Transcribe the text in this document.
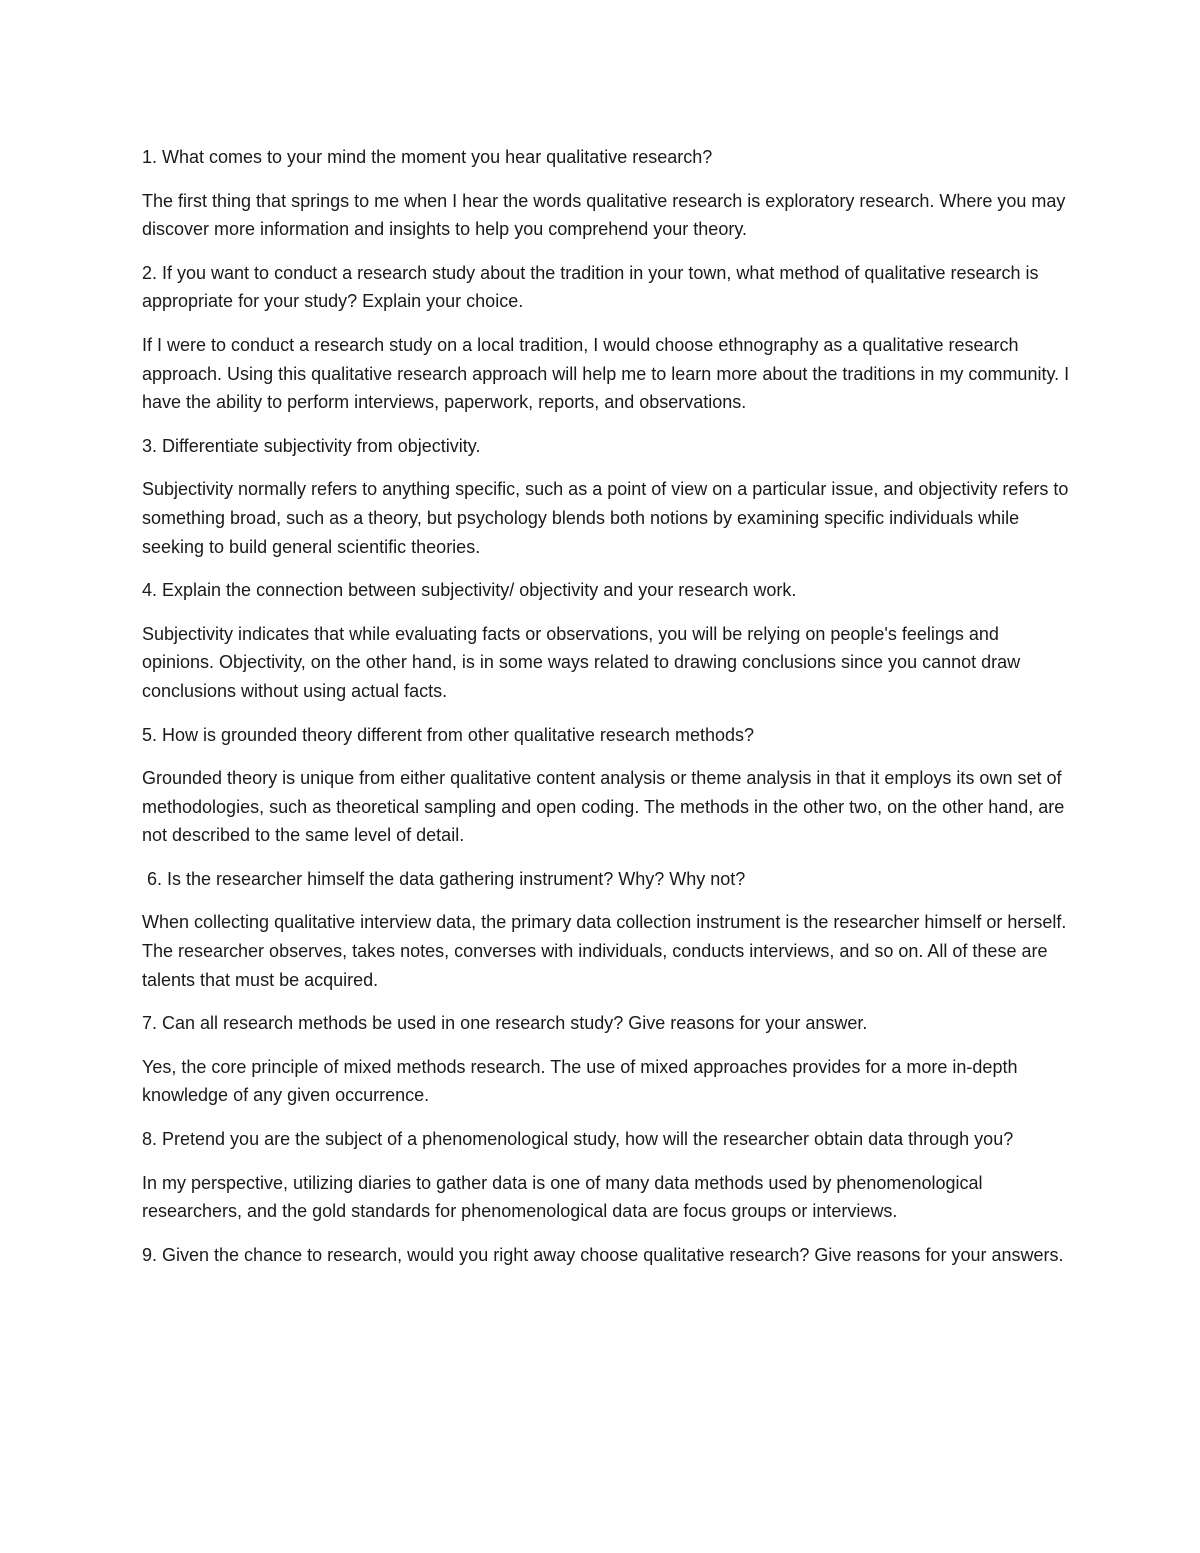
1. What comes to your mind the moment you hear qualitative research?

The first thing that springs to me when I hear the words qualitative research is exploratory research. Where you may discover more information and insights to help you comprehend your theory.

2. If you want to conduct a research study about the tradition in your town, what method of qualitative research is appropriate for your study? Explain your choice.

If I were to conduct a research study on a local tradition, I would choose ethnography as a qualitative research approach. Using this qualitative research approach will help me to learn more about the traditions in my community. I have the ability to perform interviews, paperwork, reports, and observations.

3. Differentiate subjectivity from objectivity.

Subjectivity normally refers to anything specific, such as a point of view on a particular issue, and objectivity refers to something broad, such as a theory, but psychology blends both notions by examining specific individuals while seeking to build general scientific theories.

4. Explain the connection between subjectivity/ objectivity and your research work.

Subjectivity indicates that while evaluating facts or observations, you will be relying on people's feelings and opinions. Objectivity, on the other hand, is in some ways related to drawing conclusions since you cannot draw conclusions without using actual facts.

5. How is grounded theory different from other qualitative research methods?

Grounded theory is unique from either qualitative content analysis or theme analysis in that it employs its own set of methodologies, such as theoretical sampling and open coding. The methods in the other two, on the other hand, are not described to the same level of detail.

6. Is the researcher himself the data gathering instrument? Why? Why not?

When collecting qualitative interview data, the primary data collection instrument is the researcher himself or herself. The researcher observes, takes notes, converses with individuals, conducts interviews, and so on. All of these are talents that must be acquired.

7. Can all research methods be used in one research study? Give reasons for your answer.

Yes, the core principle of mixed methods research. The use of mixed approaches provides for a more in-depth knowledge of any given occurrence.

8. Pretend you are the subject of a phenomenological study, how will the researcher obtain data through you?

In my perspective, utilizing diaries to gather data is one of many data methods used by phenomenological researchers, and the gold standards for phenomenological data are focus groups or interviews.

9. Given the chance to research, would you right away choose qualitative research? Give reasons for your answers.
